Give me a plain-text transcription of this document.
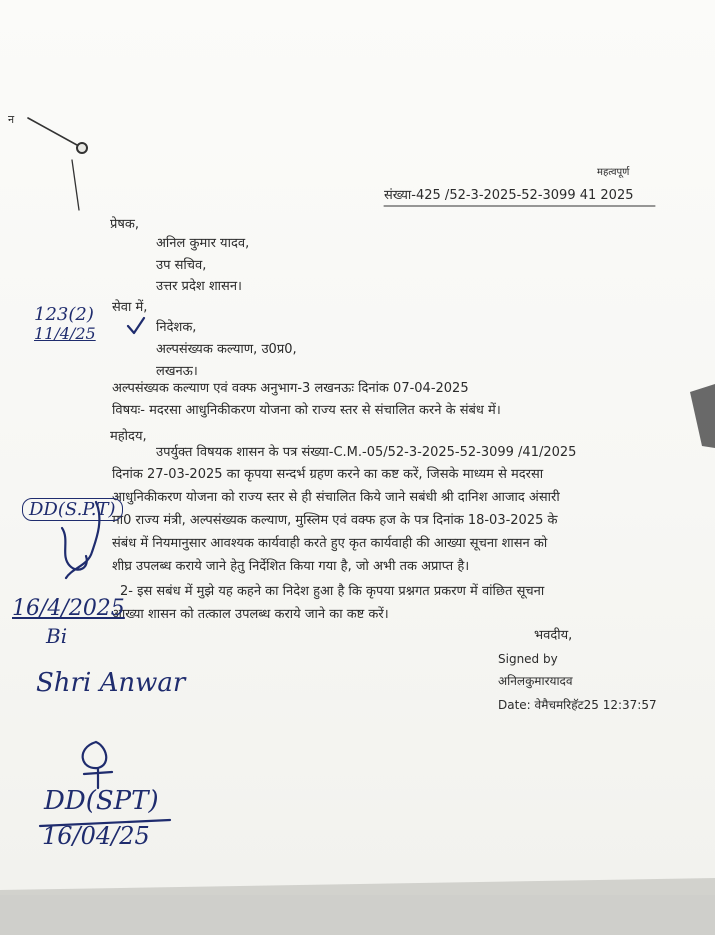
न
महत्वपूर्ण
संख्या-425 /52-3-2025-52-3099 41 2025
प्रेषक,
अनिल कुमार यादव,
उप सचिव,
उत्तर प्रदेश शासन।
सेवा में,
निदेशक,
अल्पसंख्यक कल्याण, उ0प्र0,
लखनऊ।
अल्पसंख्यक कल्याण एवं वक्फ अनुभाग-3 लखनऊः दिनांक 07-04-2025
विषयः- मदरसा आधुनिकीकरण योजना को राज्य स्तर से संचालित करने के संबंध में।
महोदय,
उपर्युक्त विषयक शासन के पत्र संख्या-C.M.-05/52-3-2025-52-3099 /41/2025
दिनांक 27-03-2025 का कृपया सन्दर्भ ग्रहण करने का कष्ट करें, जिसके माध्यम से मदरसा
आधुनिकीकरण योजना को राज्य स्तर से ही संचालित किये जाने सबंधी श्री दानिश आजाद अंसारी
मा0 राज्य मंत्री, अल्पसंख्यक कल्याण, मुस्लिम एवं वक्फ हज के पत्र दिनांक 18-03-2025 के
संबंध में नियमानुसार आवश्यक कार्यवाही करते हुए कृत कार्यवाही की आख्या सूचना शासन को
शीघ्र उपलब्ध कराये जाने हेतु निर्देशित किया गया है, जो अभी तक अप्राप्त है।
2- इस सबंध में मुझे यह कहने का निदेश हुआ है कि कृपया प्रश्नगत प्रकरण में वांछित सूचना
आख्या शासन को तत्काल उपलब्ध कराये जाने का कष्ट करें।
भवदीय,
Signed by
अनिलकुमारयादव
Date: वेमैचमरिहॅट25 12:37:57
123(2)
11/4/25
DD(S.P.T)
16/4/2025
Bi
Shri Anwar
DD(SPT)
16/04/25
